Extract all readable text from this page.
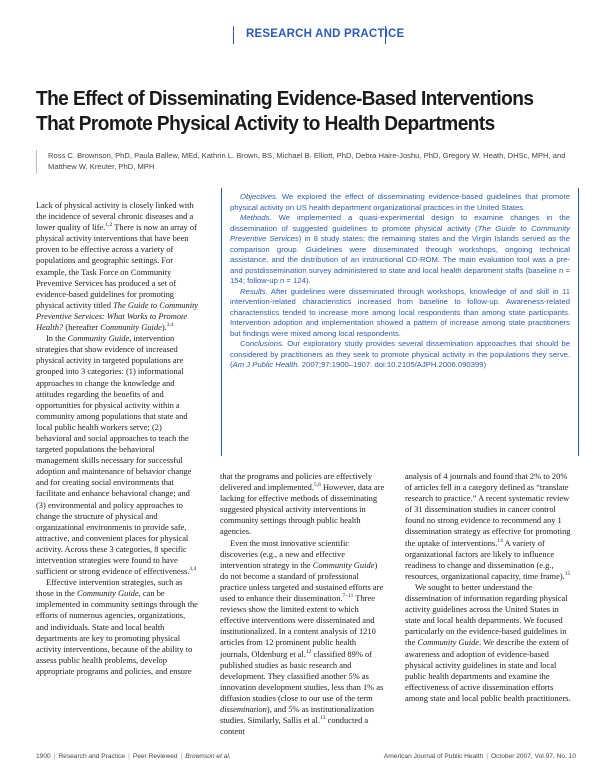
RESEARCH AND PRACTICE
The Effect of Disseminating Evidence-Based Interventions That Promote Physical Activity to Health Departments
Ross C. Brownson, PhD, Paula Ballew, MEd, Kathrin L. Brown, BS, Michael B. Elliott, PhD, Debra Haire-Joshu, PhD, Gregory W. Heath, DHSc, MPH, and Matthew W. Kreuter, PhD, MPH

Objectives. We explored the effect of disseminating evidence-based guidelines that promote physical activity on US health department organizational practices in the United States.

Methods. We implemented a quasi-experimental design to examine changes in the dissemination of suggested guidelines to promote physical activity (The Guide to Community Preventive Services) in 8 study states; the remaining states and the Virgin Islands served as the comparison group. Guidelines were disseminated through workshops, ongoing technical assistance, and the distribution of an instructional CD-ROM. The main evaluation tool was a pre- and postdissemination survey administered to state and local health department staffs (baseline n = 154; follow-up n = 124).

Results. After guidelines were disseminated through workshops, knowledge of and skill in 11 intervention-related characteristics increased from baseline to follow-up. Awareness-related characteristics tended to increase more among local respondents than among state participants. Intervention adoption and implementation showed a pattern of increase among state practitioners but findings were mixed among local respondents.

Conclusions. Our exploratory study provides several dissemination approaches that should be considered by practitioners as they seek to promote physical activity in the populations they serve. (Am J Public Health. 2007;97:1900–1907. doi:10.2105/AJPH.2006.090399)

Lack of physical activity is closely linked with the incidence of several chronic diseases and a lower quality of life.$^{1,2}$ There is now an array of physical activity interventions that have been proven to be effective across a variety of populations and geographic settings. For example, the Task Force on Community Preventive Services has produced a set of evidence-based guidelines for promoting physical activity titled The Guide to Community Preventive Services: What Works to Promote Health? (hereafter Community Guide).$^{3,4}$

In the Community Guide, intervention strategies that show evidence of increased physical activity in targeted populations are grouped into 3 categories: (1) informational approaches to change the knowledge and attitudes regarding the benefits of and opportunities for physical activity within a community among populations that state and local public health workers serve; (2) behavioral and social approaches to teach the targeted populations the behavioral management skills necessary for successful adoption and maintenance of behavior change and for creating social environments that facilitate and enhance behavioral change; and (3) environmental and policy approaches to change the structure of physical and organizational environments to provide safe, attractive, and convenient places for physical activity. Across these 3 categories, 8 specific intervention strategies were found to have sufficient or strong evidence of effectiveness.$^{3,4}$

Effective intervention strategies, such as those in the Community Guide, can be implemented in community settings through the efforts of numerous agencies, organizations, and individuals. State and local health departments are key to promoting physical activity interventions, because of the ability to assess public health problems, develop appropriate programs and policies, and ensure

that the programs and policies are effectively delivered and implemented.$^{5,6}$ However, data are lacking for effective methods of disseminating suggested physical activity interventions in community settings through public health agencies.

Even the most innovative scientific discoveries (e.g., a new and effective intervention strategy in the Community Guide) do not become a standard of professional practice unless targeted and sustained efforts are used to enhance their dissemination.$^{7-11}$ Three reviews show the limited extent to which effective interventions were disseminated and institutionalized. In a content analysis of 1210 articles from 12 prominent public health journals, Oldenburg et al.$^{12}$ classified 89% of published studies as basic research and development. They classified another 5% as innovation development studies, less than 1% as diffusion studies (close to our use of the term dissemination), and 5% as institutionalization studies. Similarly, Sallis et al.$^{13}$ conducted a content

analysis of 4 journals and found that 2% to 20% of articles fell in a category defined as “translate research to practice.” A recent systematic review of 31 dissemination studies in cancer control found no strong evidence to recommend any 1 dissemination strategy as effective for promoting the uptake of interventions.$^{14}$ A variety of organizational factors are likely to influence readiness to change and dissemination (e.g., resources, organizational capacity, time frame).$^{15}$

We sought to better understand the dissemination of information regarding physical activity guidelines across the United States in state and local health departments. We focused particularly on the evidence-based guidelines in the Community Guide. We describe the extent of awareness and adoption of evidence-based physical activity guidelines in state and local public health departments and examine the effectiveness of active dissemination efforts among state and local public health practitioners.

1900 | Research and Practice | Peer Reviewed | Brownson et al.	American Journal of Public Health | October 2007, Vol 97, No. 10
